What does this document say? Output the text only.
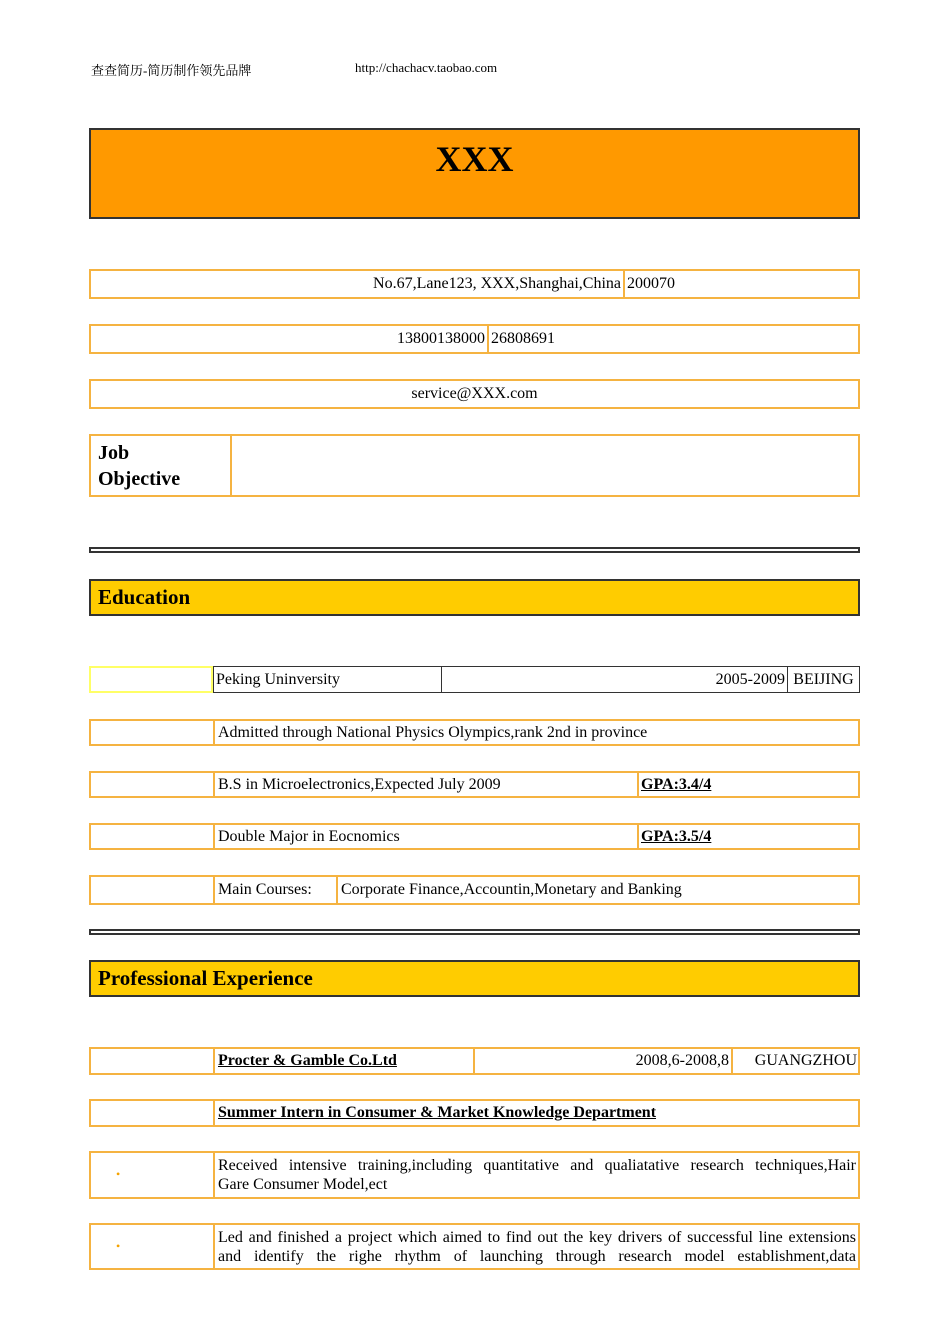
查查简历-简历制作领先品牌	http://chachacv.taobao.com
XXX
No.67,Lane123, XXX,Shanghai,China 200070
13800138000 26808691
service@XXX.com
Job
Objective
Education
Peking Uninversity	2005-2009 BEIJING
Admitted through National Physics Olympics,rank 2nd in province
B.S in Microelectronics,Expected July 2009	GPA:3.4/4
Double Major in Eocnomics	GPA:3.5/4
Main Courses:	Corporate Finance,Accountin,Monetary and Banking
Professional Experience
Procter & Gamble Co.Ltd	2008,6-2008,8	GUANGZHOU
Summer Intern in Consumer & Market Knowledge Department
Received intensive training,including quantitative and qualiatative research techniques,Hair
Gare Consumer Model,ect
•
Led and finished a project which aimed to find out the key drivers of successful line extensions
and identify the righe rhythm of launching through research model establishment,data
•
